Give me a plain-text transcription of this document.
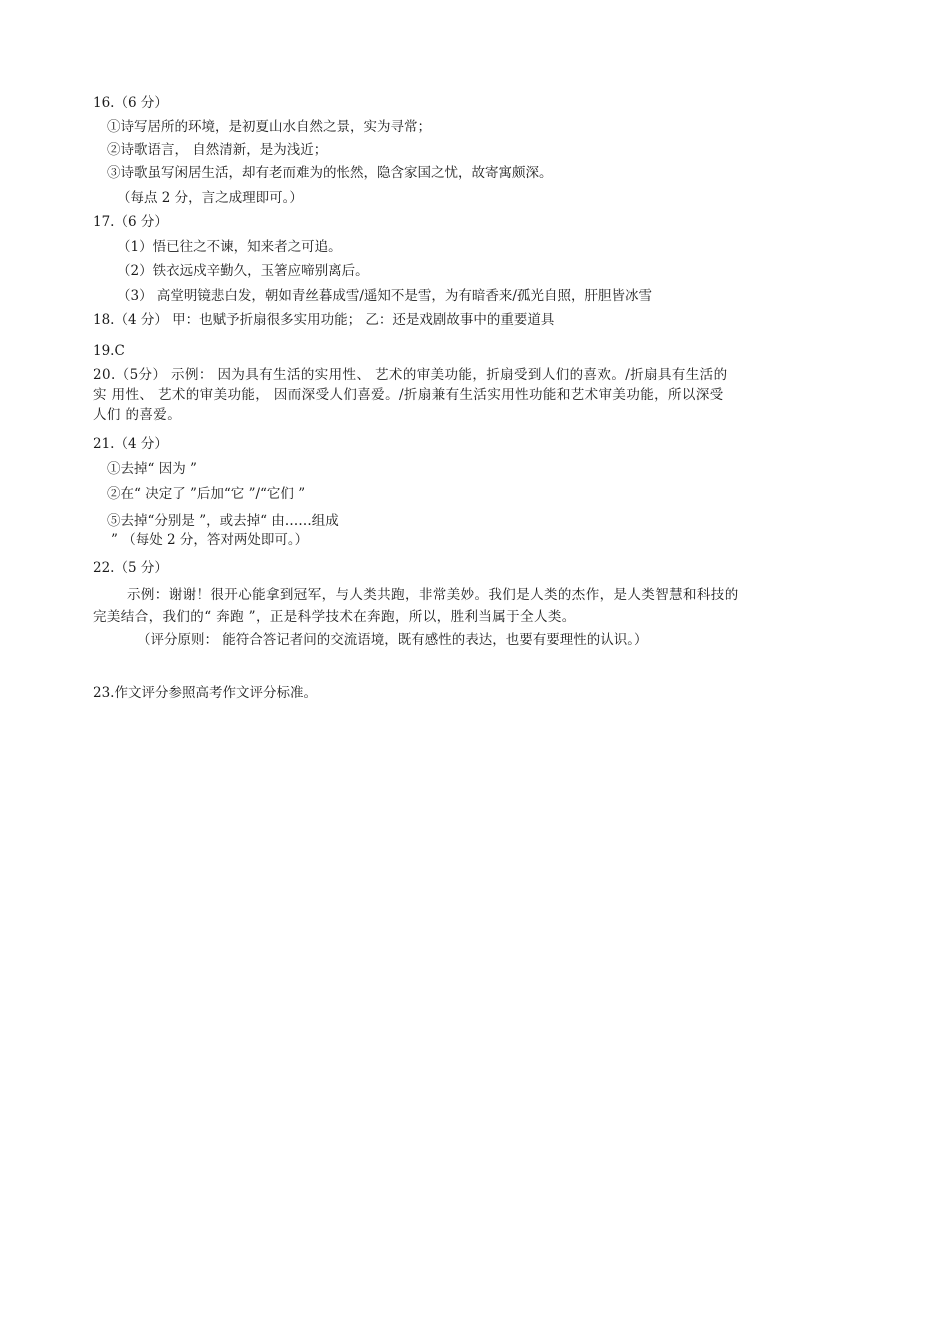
16.（6 分）
①诗写居所的环境，是初夏山水自然之景，实为寻常；
②诗歌语言， 自然清新，是为浅近；
③诗歌虽写闲居生活，却有老而难为的怅然，隐含家国之忧，故寄寓颇深。
（每点 2 分，言之成理即可。）
17.（6 分）
（1）悟已往之不谏，知来者之可追。
（2）铁衣远戍辛勤久，玉箸应啼别离后。
（3） 高堂明镜悲白发，朝如青丝暮成雪/遥知不是雪，为有暗香来/孤光自照，肝胆皆冰雪
18.（4 分） 甲：也赋予折扇很多实用功能； 乙：还是戏剧故事中的重要道具
19.C
20.（5分） 示例： 因为具有生活的实用性、 艺术的审美功能，折扇受到人们的喜欢。/折扇具有生活的
实 用性、 艺术的审美功能， 因而深受人们喜爱。/折扇兼有生活实用性功能和艺术审美功能，所以深受
人们 的喜爱。
21.（4 分）
①去掉“ 因为 ”
②在“ 决定了 ”后加“它 ”/“它们 ”
⑤去掉“分别是 ”，或去掉“ 由……组成
” （每处 2 分，答对两处即可。）
22.（5 分）
示例：谢谢！很开心能拿到冠军，与人类共跑，非常美妙。我们是人类的杰作，是人类智慧和科技的
完美结合，我们的“ 奔跑 ”，正是科学技术在奔跑，所以，胜利当属于全人类。
（评分原则： 能符合答记者问的交流语境，既有感性的表达，也要有要理性的认识。）
23.作文评分参照高考作文评分标准。
